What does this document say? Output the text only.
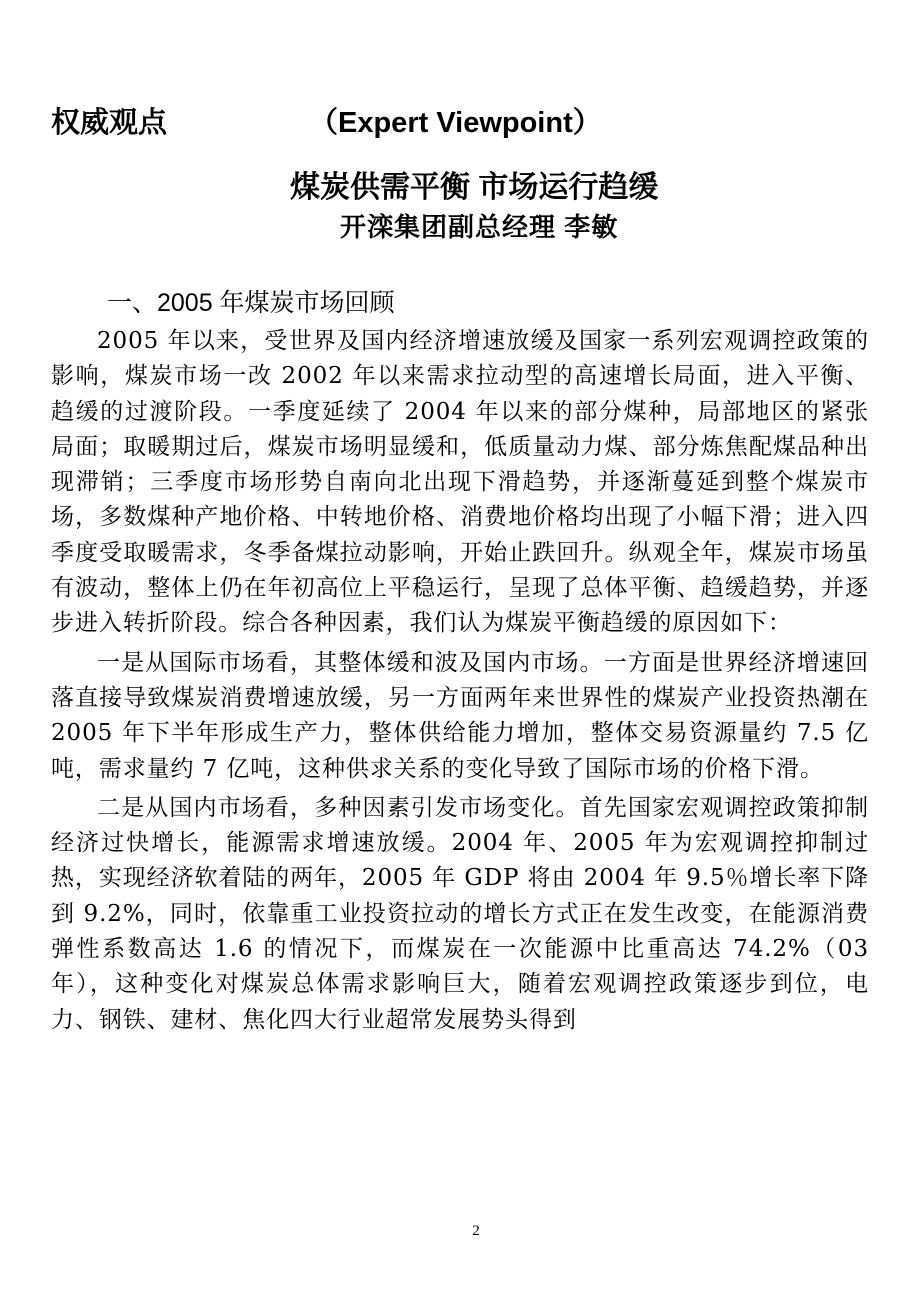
权威观点	（Expert Viewpoint）
煤炭供需平衡 市场运行趋缓
开滦集团副总经理 李敏
一、2005 年煤炭市场回顾

2005 年以来，受世界及国内经济增速放缓及国家一系列宏观调控政策的影响，煤炭市场一改 2002 年以来需求拉动型的高速增长局面，进入平衡、趋缓的过渡阶段。一季度延续了 2004 年以来的部分煤种，局部地区的紧张局面；取暖期过后，煤炭市场明显缓和，低质量动力煤、部分炼焦配煤品种出现滞销；三季度市场形势自南向北出现下滑趋势，并逐渐蔓延到整个煤炭市场，多数煤种产地价格、中转地价格、消费地价格均出现了小幅下滑；进入四季度受取暖需求，冬季备煤拉动影响，开始止跌回升。纵观全年，煤炭市场虽有波动，整体上仍在年初高位上平稳运行，呈现了总体平衡、趋缓趋势，并逐步进入转折阶段。综合各种因素，我们认为煤炭平衡趋缓的原因如下：

一是从国际市场看，其整体缓和波及国内市场。一方面是世界经济增速回落直接导致煤炭消费增速放缓，另一方面两年来世界性的煤炭产业投资热潮在 2005 年下半年形成生产力，整体供给能力增加，整体交易资源量约 7.5 亿吨，需求量约 7 亿吨，这种供求关系的变化导致了国际市场的价格下滑。

二是从国内市场看，多种因素引发市场变化。首先国家宏观调控政策抑制经济过快增长，能源需求增速放缓。2004 年、2005 年为宏观调控抑制过热，实现经济软着陆的两年，2005 年 GDP 将由 2004 年 9.5％增长率下降到 9.2%，同时，依靠重工业投资拉动的增长方式正在发生改变，在能源消费弹性系数高达 1.6 的情况下，而煤炭在一次能源中比重高达 74.2%（03 年），这种变化对煤炭总体需求影响巨大，随着宏观调控政策逐步到位，电力、钢铁、建材、焦化四大行业超常发展势头得到

2
